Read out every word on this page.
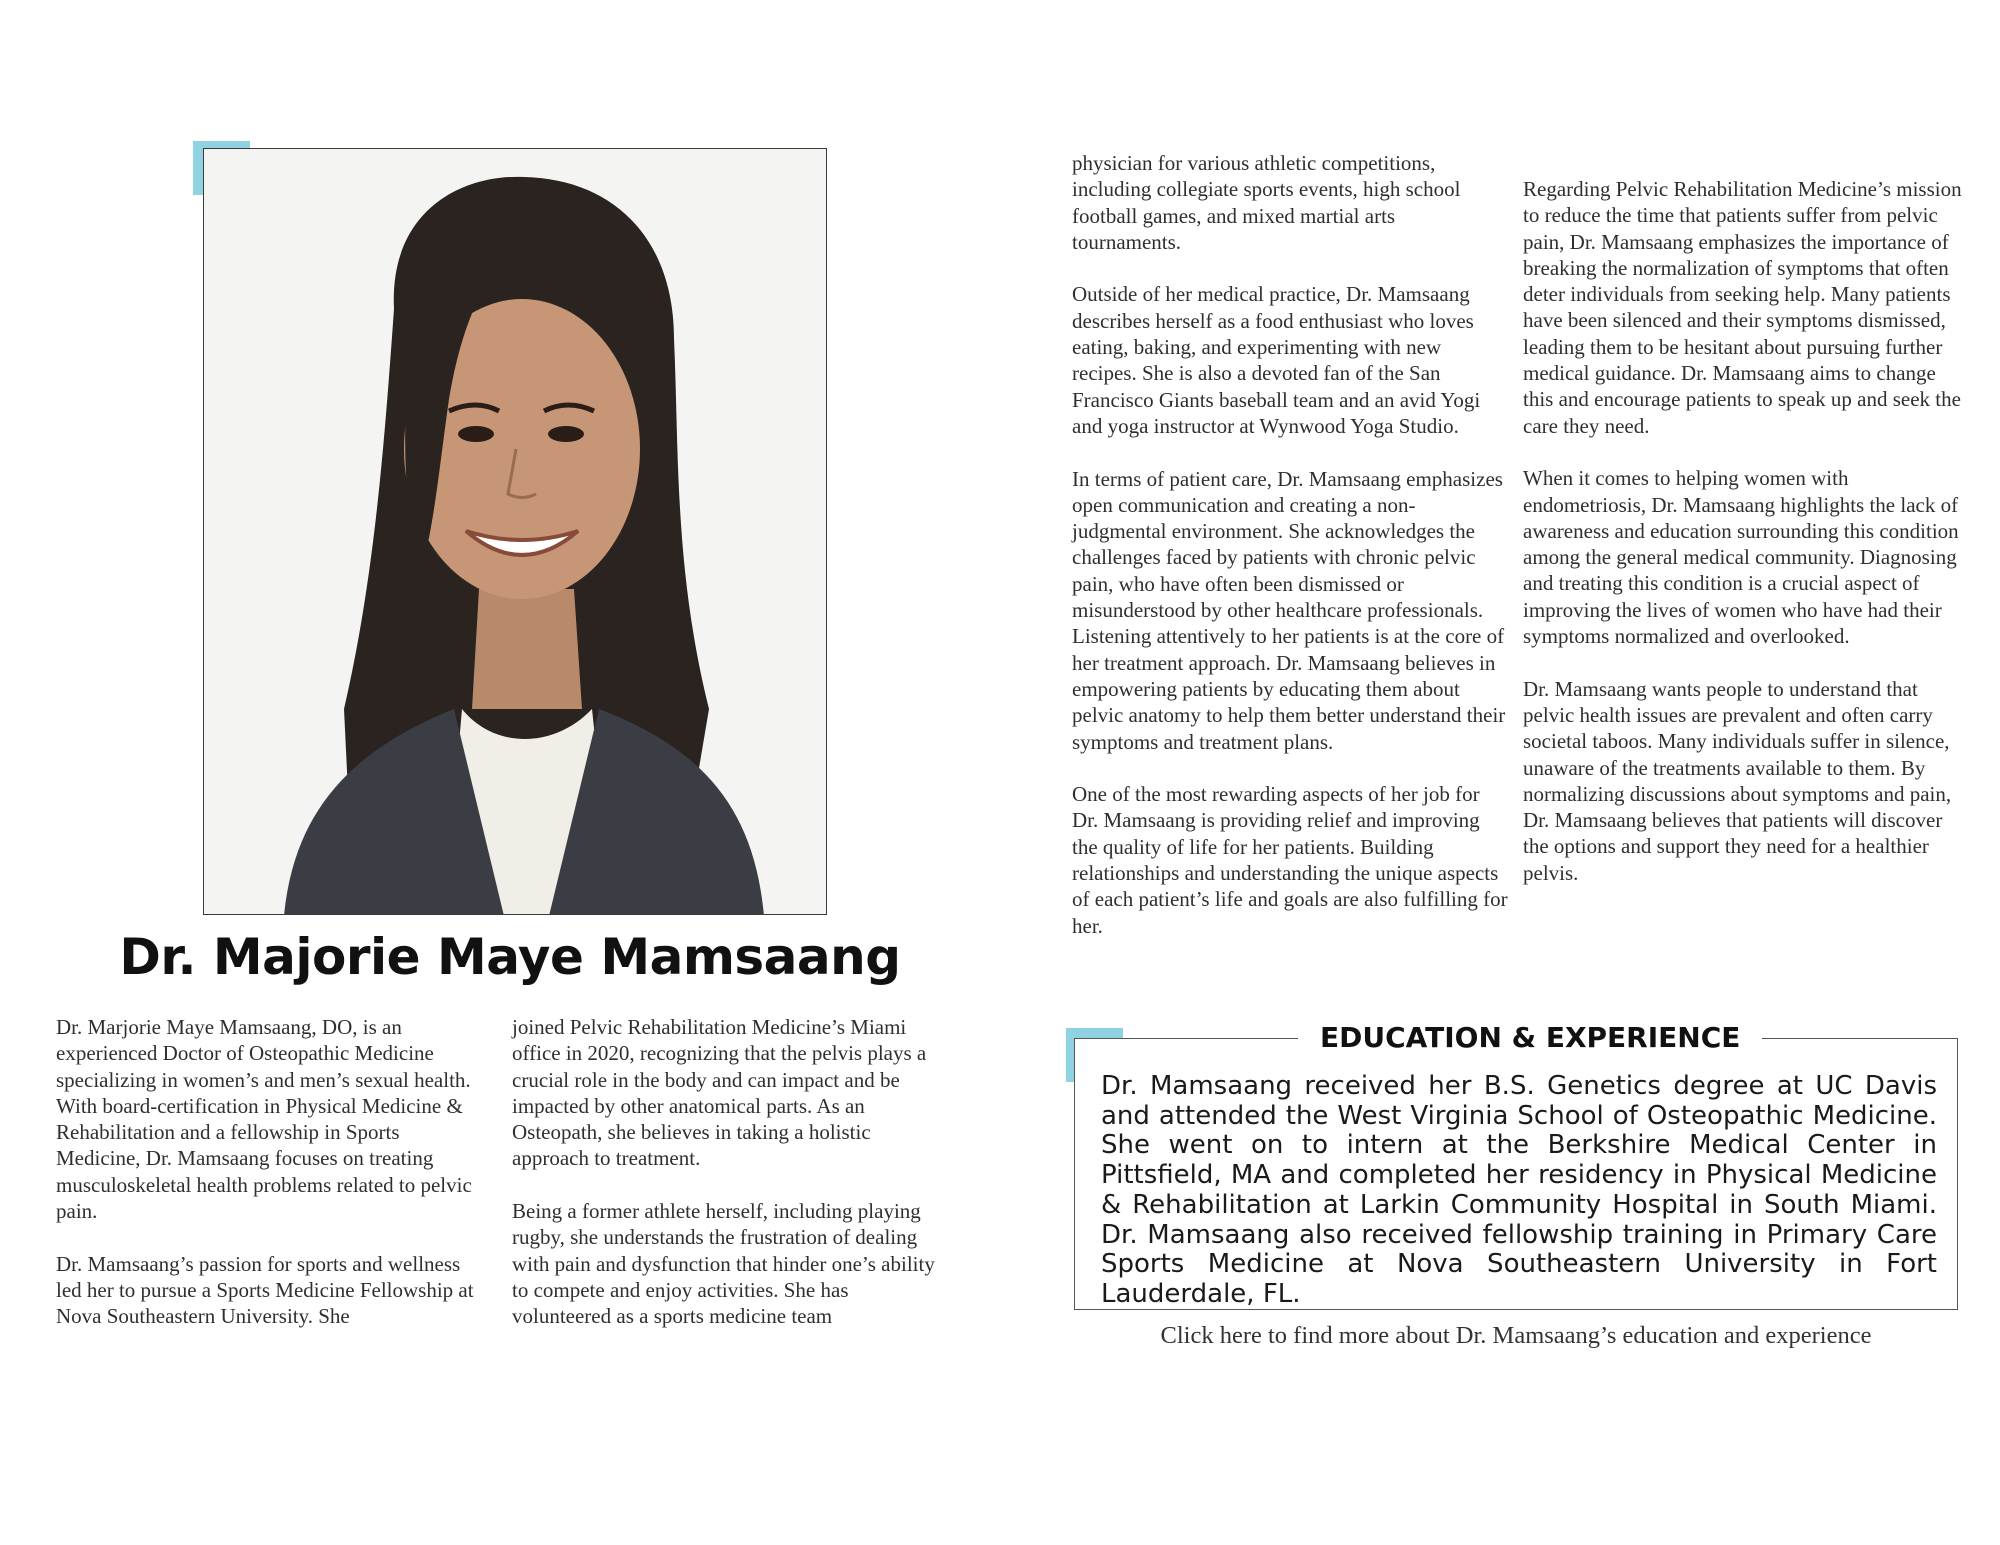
Dr. Majorie Maye Mamsaang

Dr. Marjorie Maye Mamsaang, DO, is an experienced Doctor of Osteopathic Medicine specializing in women’s and men’s sexual health. With board-certification in Physical Medicine & Rehabilitation and a fellowship in Sports Medicine, Dr. Mamsaang focuses on treating musculoskeletal health problems related to pelvic pain.

Dr. Mamsaang’s passion for sports and wellness led her to pursue a Sports Medicine Fellowship at Nova Southeastern University. She

joined Pelvic Rehabilitation Medicine’s Miami office in 2020, recognizing that the pelvis plays a crucial role in the body and can impact and be impacted by other anatomical parts. As an Osteopath, she believes in taking a holistic approach to treatment.

Being a former athlete herself, including playing rugby, she understands the frustration of dealing with pain and dysfunction that hinder one’s ability to compete and enjoy activities. She has volunteered as a sports medicine team

physician for various athletic competitions, including collegiate sports events, high school football games, and mixed martial arts tournaments.

Outside of her medical practice, Dr. Mamsaang describes herself as a food enthusiast who loves eating, baking, and experimenting with new recipes. She is also a devoted fan of the San Francisco Giants baseball team and an avid Yogi and yoga instructor at Wynwood Yoga Studio.

In terms of patient care, Dr. Mamsaang emphasizes open communication and creating a non-judgmental environment. She acknowledges the challenges faced by patients with chronic pelvic pain, who have often been dismissed or misunderstood by other healthcare professionals. Listening attentively to her patients is at the core of her treatment approach. Dr. Mamsaang believes in empowering patients by educating them about pelvic anatomy to help them better understand their symptoms and treatment plans.

One of the most rewarding aspects of her job for Dr. Mamsaang is providing relief and improving the quality of life for her patients. Building relationships and understanding the unique aspects of each patient’s life and goals are also fulfilling for her.

Regarding Pelvic Rehabilitation Medicine’s mission to reduce the time that patients suffer from pelvic pain, Dr. Mamsaang emphasizes the importance of breaking the normalization of symptoms that often deter individuals from seeking help. Many patients have been silenced and their symptoms dismissed, leading them to be hesitant about pursuing further medical guidance. Dr. Mamsaang aims to change this and encourage patients to speak up and seek the care they need.

When it comes to helping women with endometriosis, Dr. Mamsaang highlights the lack of awareness and education surrounding this condition among the general medical community. Diagnosing and treating this condition is a crucial aspect of improving the lives of women who have had their symptoms normalized and overlooked.

Dr. Mamsaang wants people to understand that pelvic health issues are prevalent and often carry societal taboos. Many individuals suffer in silence, unaware of the treatments available to them. By normalizing discussions about symptoms and pain, Dr. Mamsaang believes that patients will discover the options and support they need for a healthier pelvis.

EDUCATION & EXPERIENCE
Dr. Mamsaang received her B.S. Genetics degree at UC Davis and attended the West Virginia School of Osteopathic Medicine. She went on to intern at the Berkshire Medical Center in Pittsfield, MA and completed her residency in Physical Medicine & Rehabilitation at Larkin Community Hospital in South Miami. Dr. Mamsaang also received fellowship training in Primary Care Sports Medicine at Nova Southeastern University in Fort Lauderdale, FL.
Click here to find more about Dr. Mamsaang’s education and experience
